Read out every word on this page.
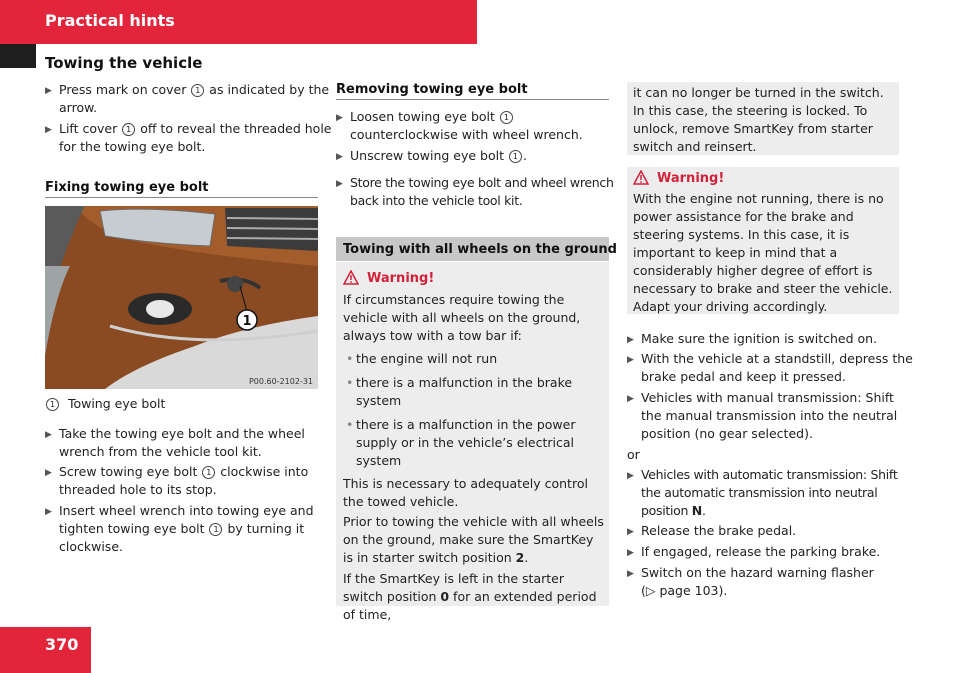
Practical hints
Towing the vehicle
▶ Press mark on cover 1 as indicated by the arrow.
▶ Lift cover 1 off to reveal the threaded hole for the towing eye bolt.
Fixing towing eye bolt
1
P00.60-2102-31
1 Towing eye bolt
▶ Take the towing eye bolt and the wheel wrench from the vehicle tool kit.
▶ Screw towing eye bolt 1 clockwise into threaded hole to its stop.
▶ Insert wheel wrench into towing eye and tighten towing eye bolt 1 by turning it clockwise.
Removing towing eye bolt
▶ Loosen towing eye bolt 1 counterclockwise with wheel wrench.
▶ Unscrew towing eye bolt 1 .
▶ Store the towing eye bolt and wheel wrench back into the vehicle tool kit.
Towing with all wheels on the ground
Warning!
If circumstances require towing the vehicle with all wheels on the ground, always tow with a tow bar if:
• the engine will not run
• there is a malfunction in the brake system
• there is a malfunction in the power supply or in the vehicle’s electrical system
This is necessary to adequately control the towed vehicle.
Prior to towing the vehicle with all wheels on the ground, make sure the SmartKey is in starter switch position 2.
If the SmartKey is left in the starter switch position 0 for an extended period of time,
it can no longer be turned in the switch. In this case, the steering is locked. To unlock, remove SmartKey from starter switch and reinsert.
Warning!
With the engine not running, there is no power assistance for the brake and steering systems. In this case, it is important to keep in mind that a considerably higher degree of effort is necessary to brake and steer the vehicle. Adapt your driving accordingly.
▶ Make sure the ignition is switched on.
▶ With the vehicle at a standstill, depress the brake pedal and keep it pressed.
▶ Vehicles with manual transmission: Shift the manual transmission into the neutral position (no gear selected).
or
▶ Vehicles with automatic transmission: Shift the automatic transmission into neutral position N.
▶ Release the brake pedal.
▶ If engaged, release the parking brake.
▶ Switch on the hazard warning flasher
(▷ page 103).
370
